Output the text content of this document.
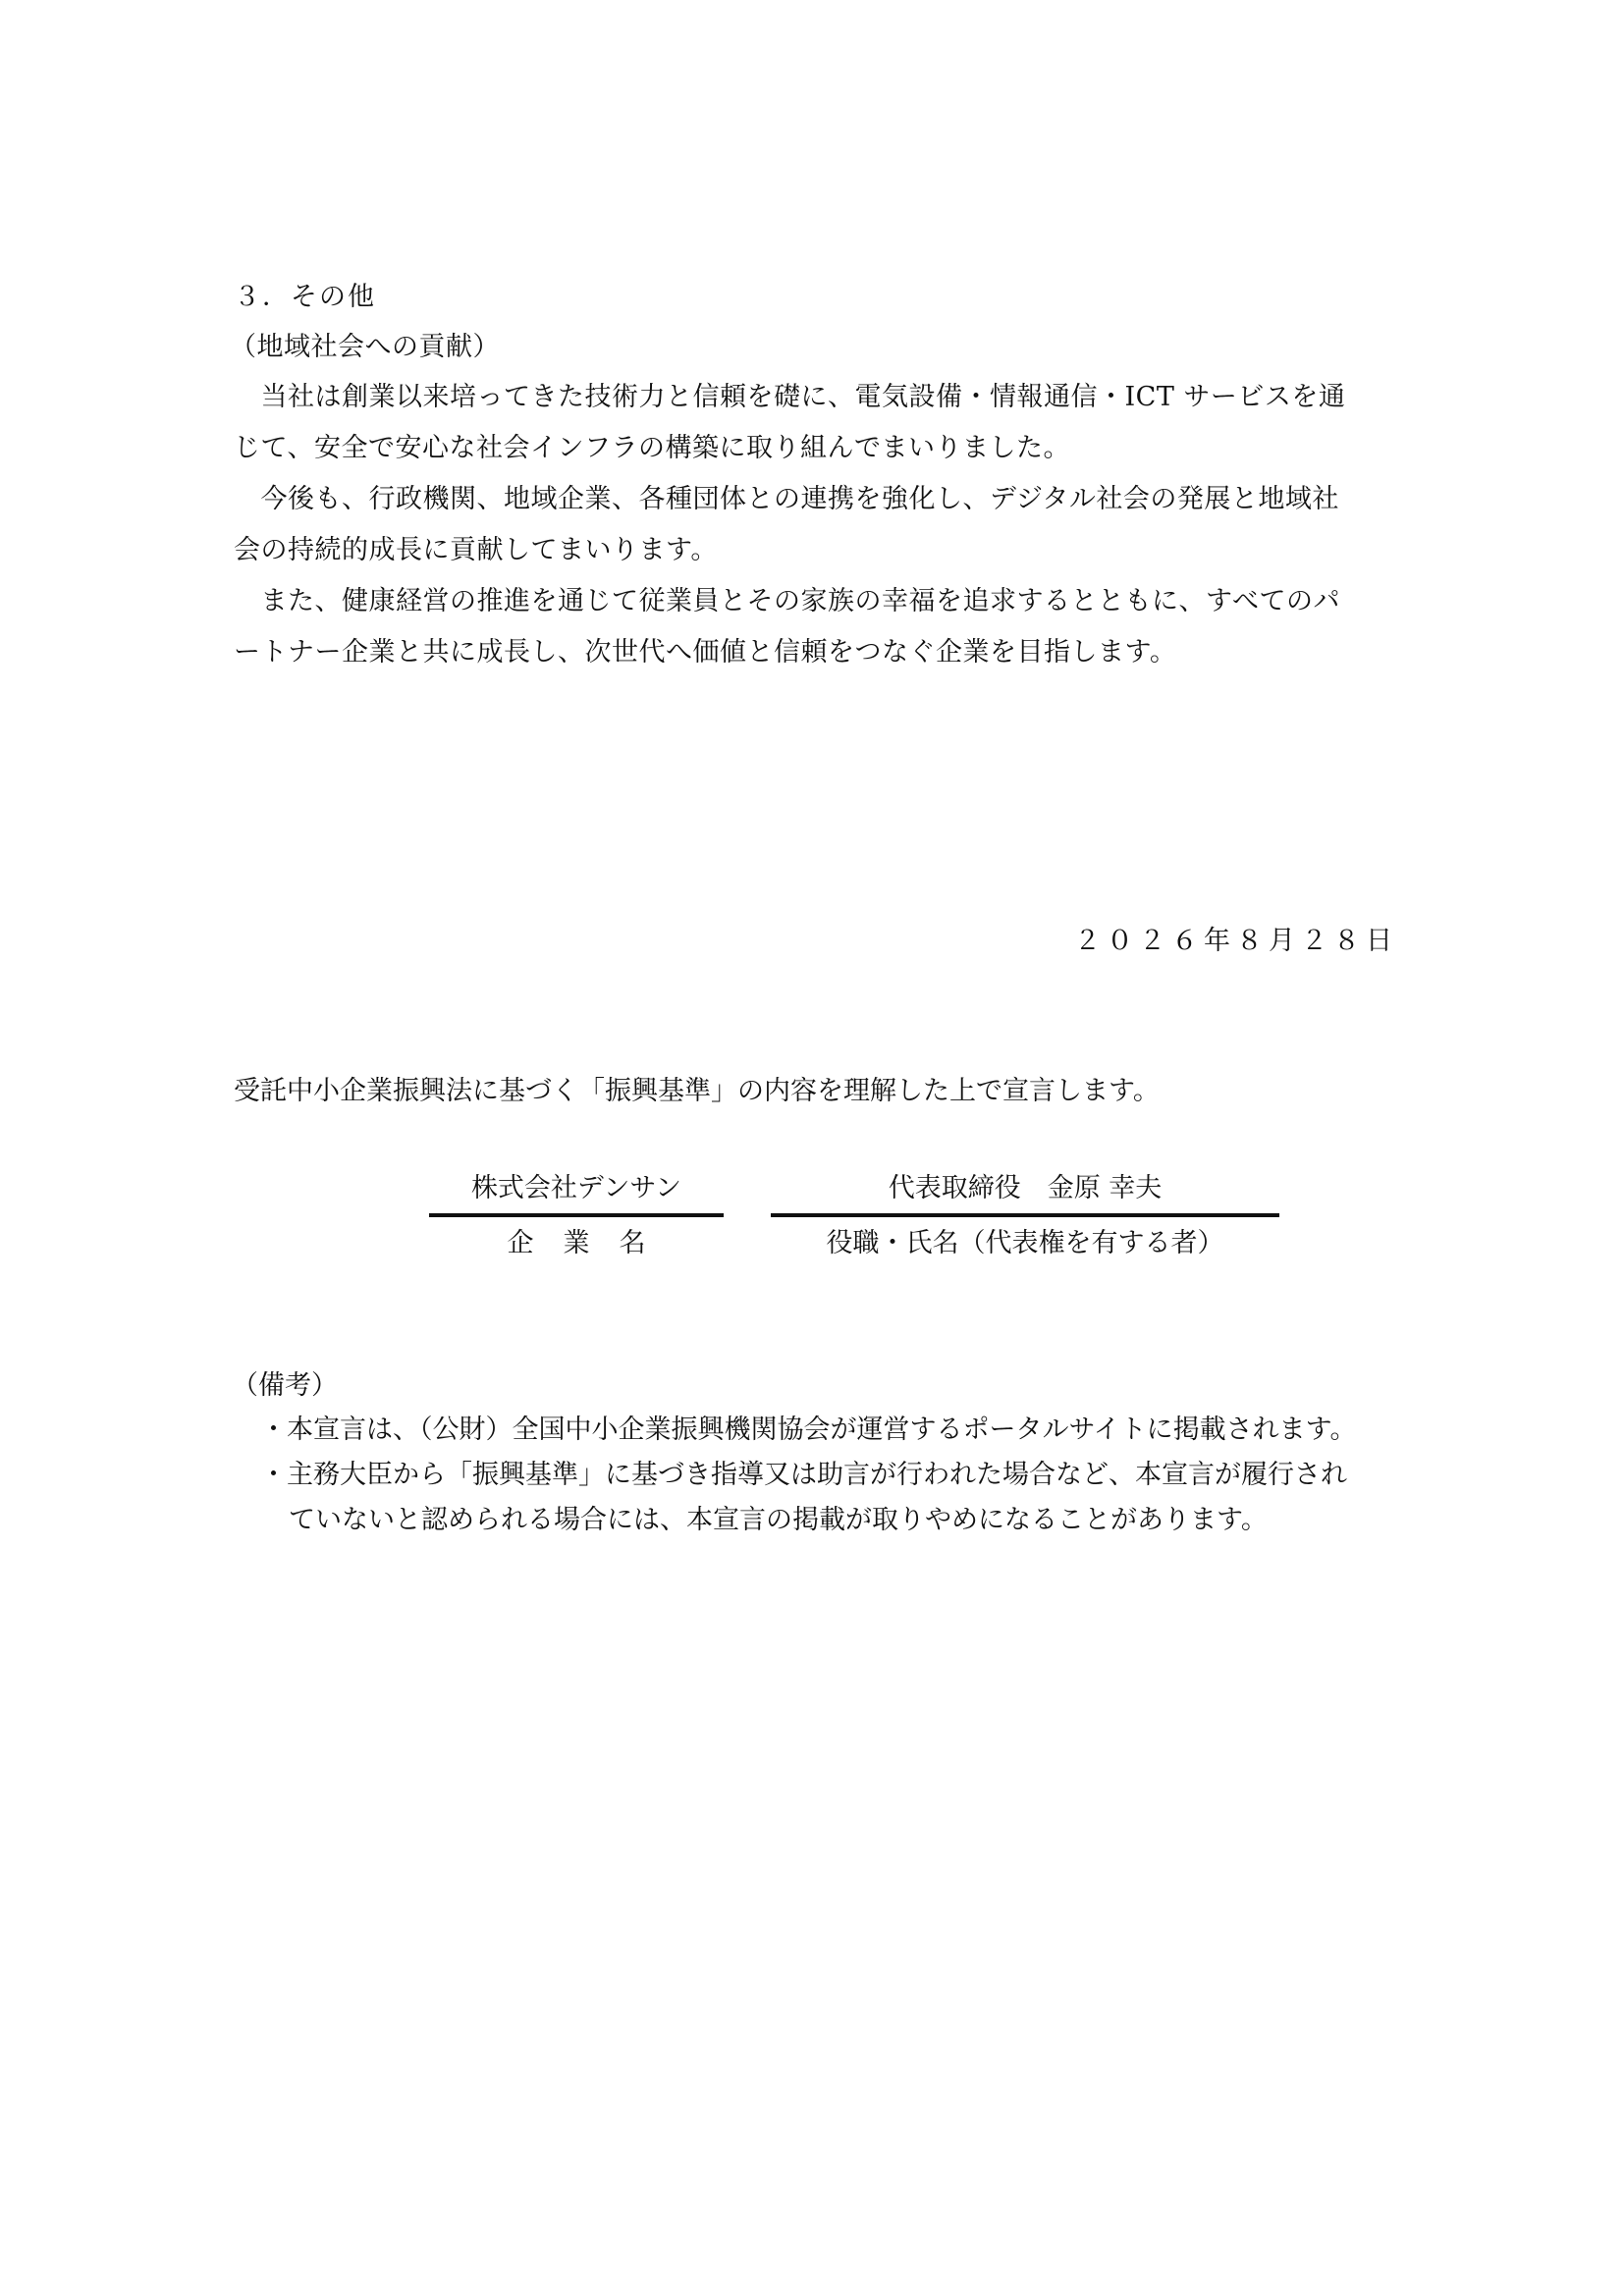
３．その他
（地域社会への貢献）
　当社は創業以来培ってきた技術力と信頼を礎に、電気設備・情報通信・ICT サービスを通
じて、安全で安心な社会インフラの構築に取り組んでまいりました。
　今後も、行政機関、地域企業、各種団体との連携を強化し、デジタル社会の発展と地域社
会の持続的成長に貢献してまいります。
　また、健康経営の推進を通じて従業員とその家族の幸福を追求するとともに、すべてのパ
ートナー企業と共に成長し、次世代へ価値と信頼をつなぐ企業を目指します。
２０２６年８月２８日
受託中小企業振興法に基づく「振興基準」の内容を理解した上で宣言します。
株式会社デンサン
企業名
代表取締役　金原 幸夫
役職・氏名（代表権を有する者）
（備考）
・本宣言は、（公財）全国中小企業振興機関協会が運営するポータルサイトに掲載されます。
・主務大臣から「振興基準」に基づき指導又は助言が行われた場合など、本宣言が履行され
ていないと認められる場合には、本宣言の掲載が取りやめになることがあります。
